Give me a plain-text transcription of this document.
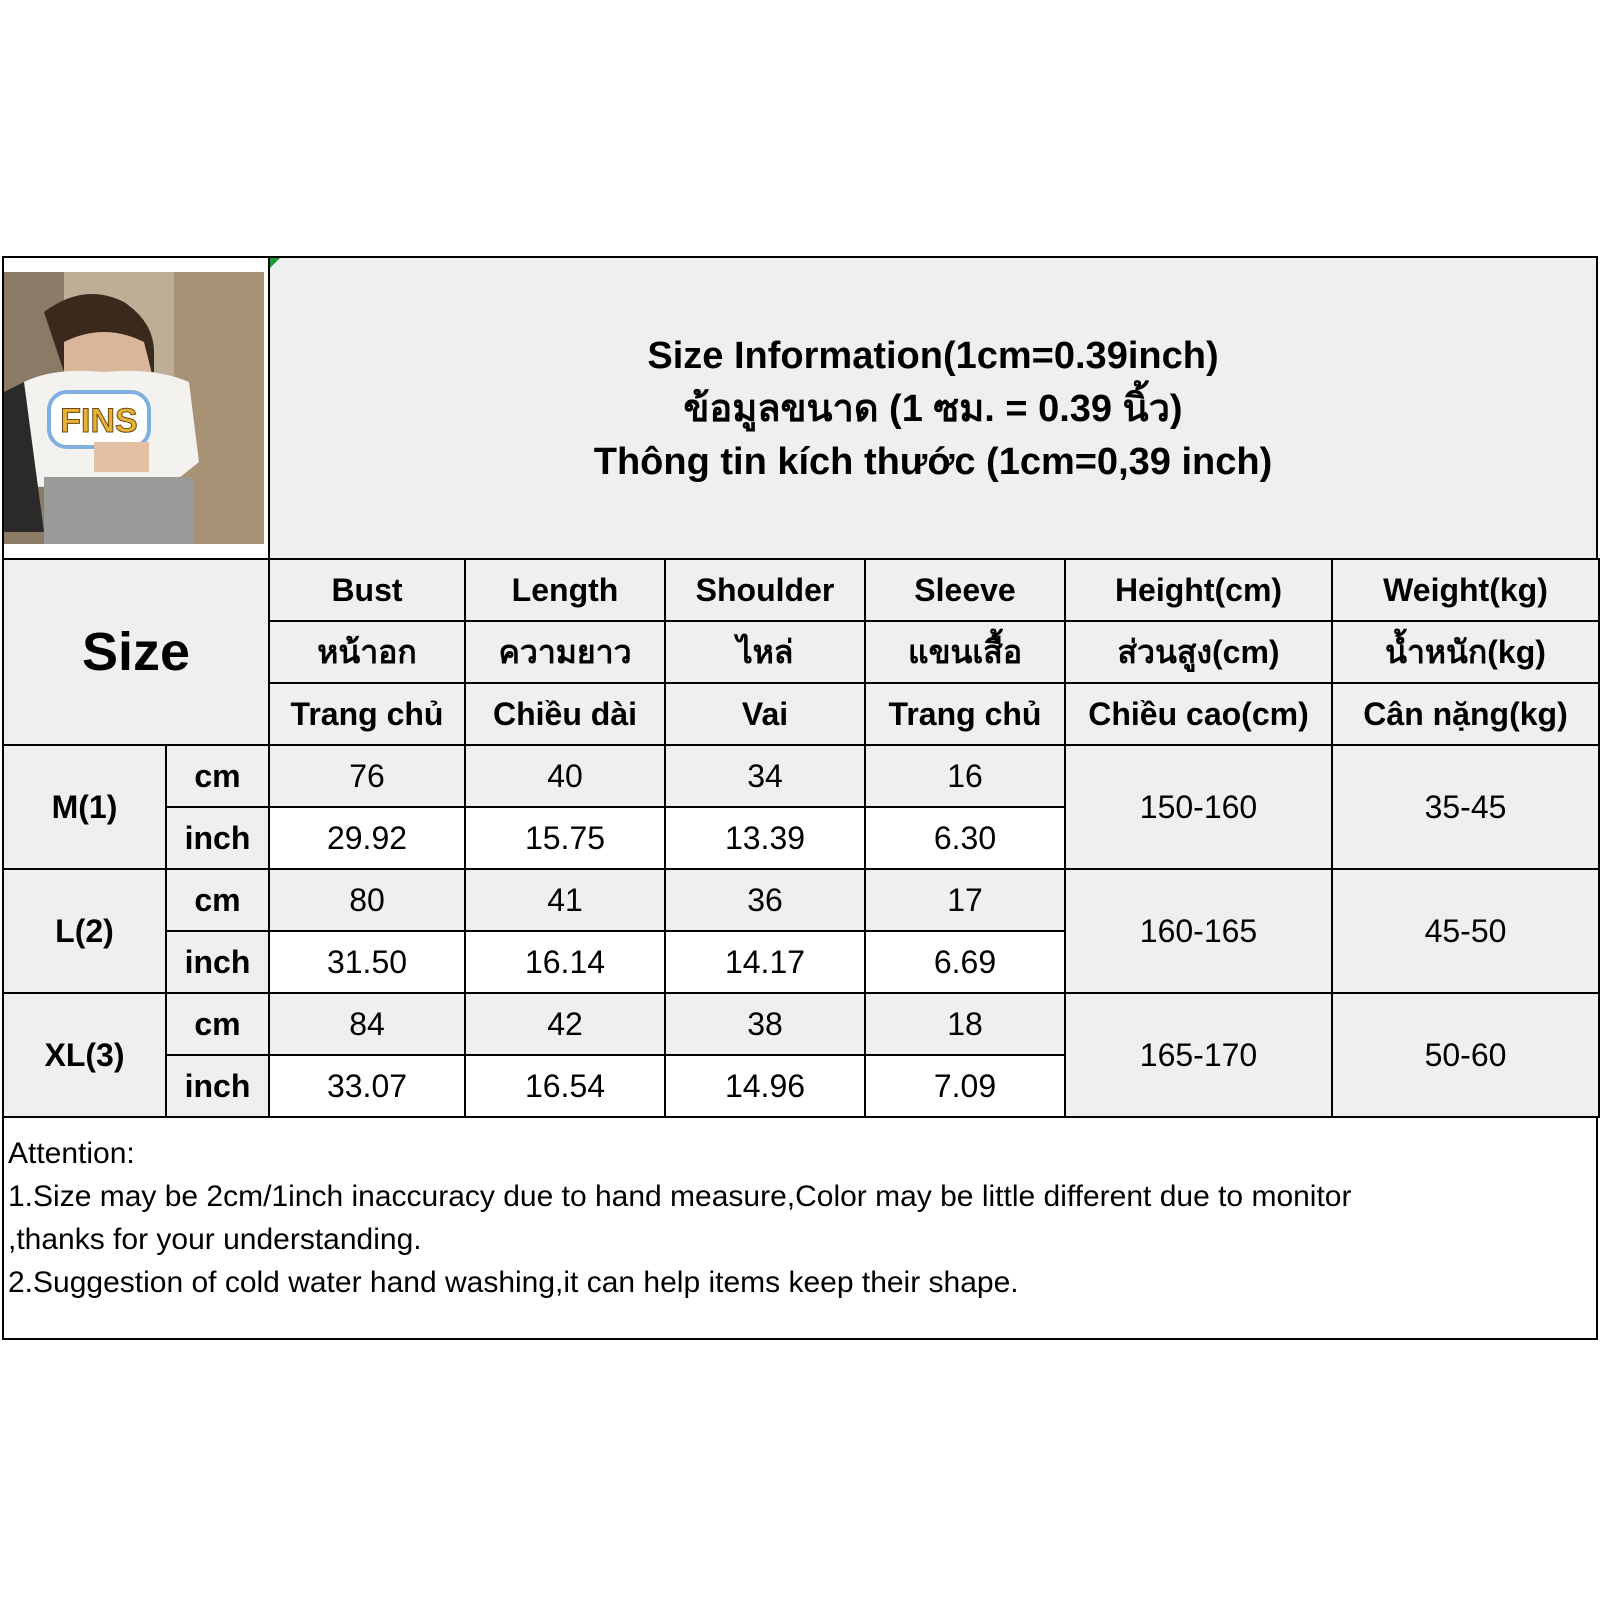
FINS
Size Information(1cm=0.39inch)
ข้อมูลขนาด (1 ซม. = 0.39 นิ้ว)
Thông tin kích thước (1cm=0,39 inch)
Size		Bust	Length	Shoulder	Sleeve	Height(cm)	Weight(kg)
		หน้าอก	ความยาว	ไหล่	แขนเสื้อ	ส่วนสูง(cm)	น้ำหนัก(kg)
		Trang chủ	Chiều dài	Vai	Trang chủ	Chiều cao(cm)	Cân nặng(kg)
M(1)	cm	76	40	34	16	150-160	35-45
	inch	29.92	15.75	13.39	6.30		
L(2)	cm	80	41	36	17	160-165	45-50
	inch	31.50	16.14	14.17	6.69		
XL(3)	cm	84	42	38	18	165-170	50-60
	inch	33.07	16.54	14.96	7.09		
Attention:
1.Size may be 2cm/1inch inaccuracy due to hand measure,Color may be little different due to monitor
,thanks for your understanding.
2.Suggestion of cold water hand washing,it can help items keep their shape.
